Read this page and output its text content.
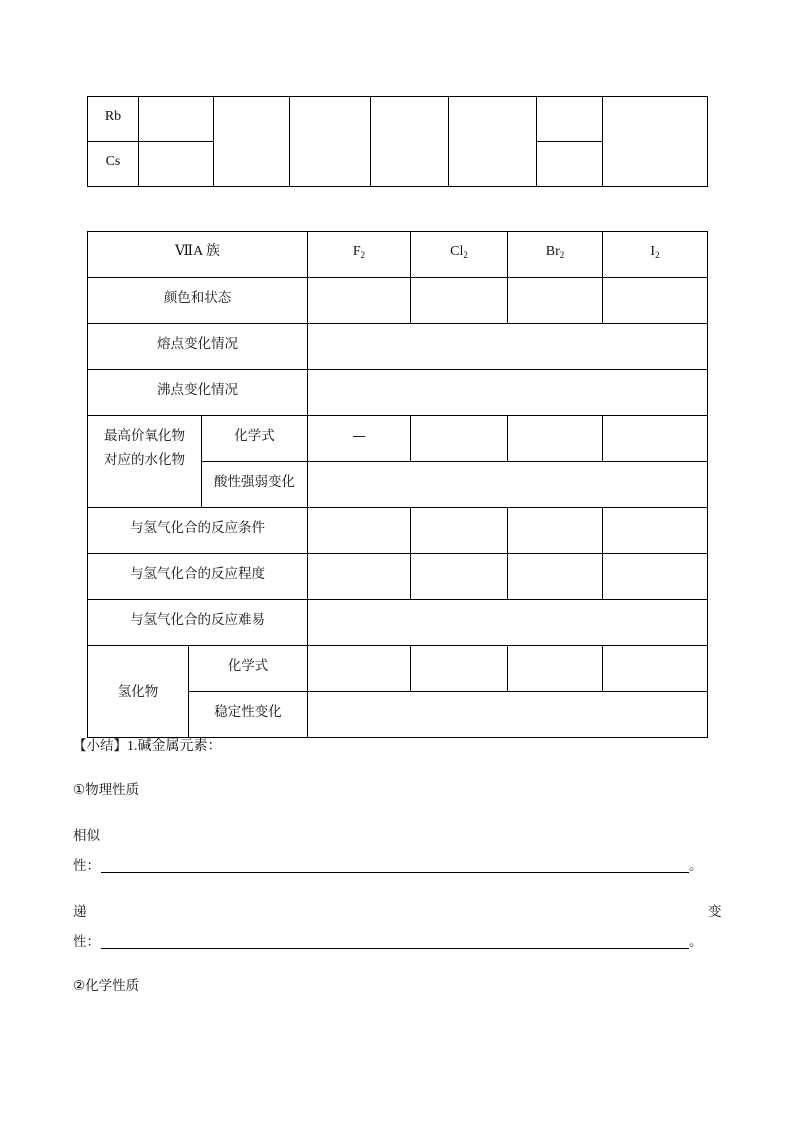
Rb							
Cs							
ⅦA 族			$F_2$	$Cl_2$	$Br_2$	$I_2$
颜色和状态						
熔点变化情况						
沸点变化情况						

最高价氧化物
对应的水化物		化学式	—			
		酸性强弱变化				
与氢气化合的反应条件						
与氢气化合的反应程度						
与氢气化合的反应难易						
氢化物	化学式					
	稳定性变化					
【小结】1.碱金属元素：
①物理性质
相似
性：	。
递	变
性：	。
②化学性质
